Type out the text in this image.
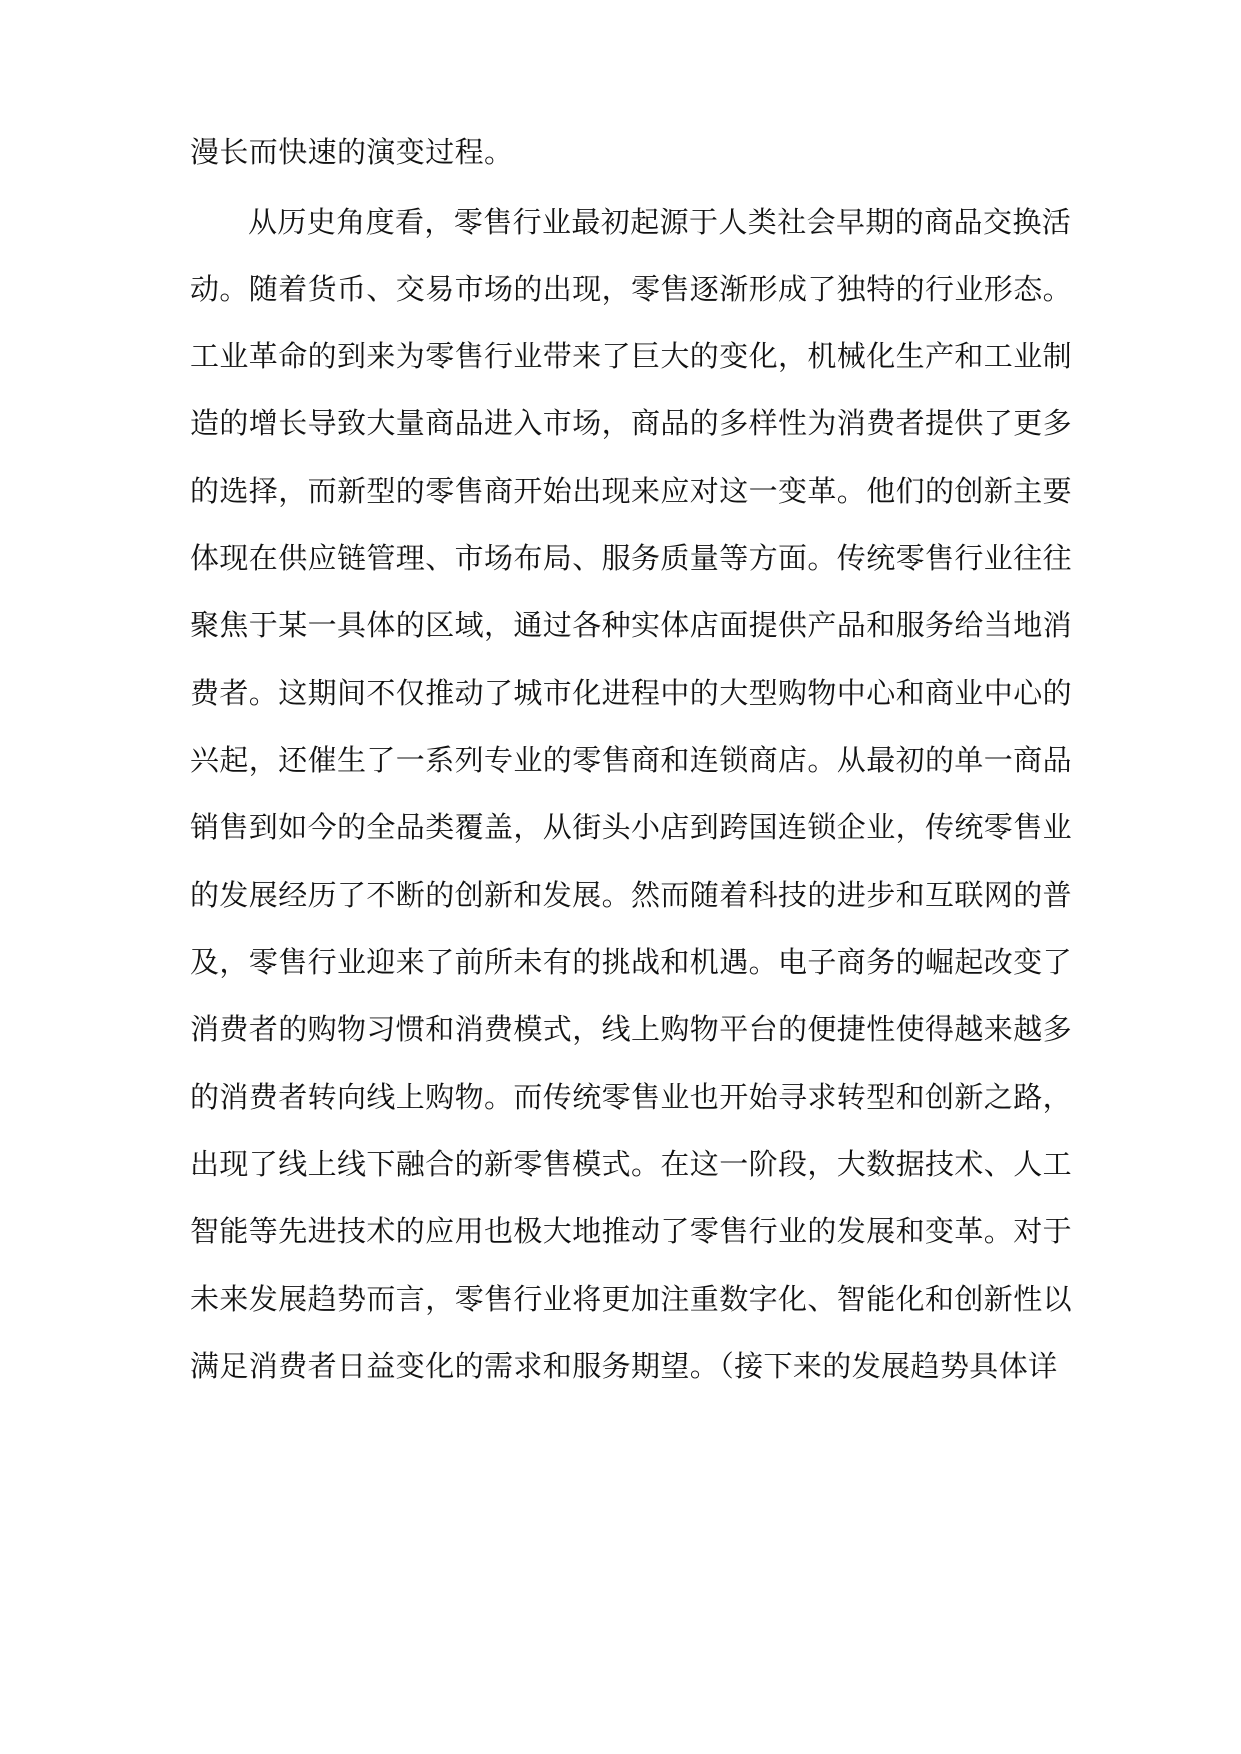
漫长而快速的演变过程。
从历史角度看，零售行业最初起源于人类社会早期的商品交换活
动。随着货币、交易市场的出现，零售逐渐形成了独特的行业形态。
工业革命的到来为零售行业带来了巨大的变化，机械化生产和工业制
造的增长导致大量商品进入市场，商品的多样性为消费者提供了更多
的选择，而新型的零售商开始出现来应对这一变革。他们的创新主要
体现在供应链管理、市场布局、服务质量等方面。传统零售行业往往
聚焦于某一具体的区域，通过各种实体店面提供产品和服务给当地消
费者。这期间不仅推动了城市化进程中的大型购物中心和商业中心的
兴起，还催生了一系列专业的零售商和连锁商店。从最初的单一商品
销售到如今的全品类覆盖，从街头小店到跨国连锁企业，传统零售业
的发展经历了不断的创新和发展。然而随着科技的进步和互联网的普
及，零售行业迎来了前所未有的挑战和机遇。电子商务的崛起改变了
消费者的购物习惯和消费模式，线上购物平台的便捷性使得越来越多
的消费者转向线上购物。而传统零售业也开始寻求转型和创新之路，
出现了线上线下融合的新零售模式。在这一阶段，大数据技术、人工
智能等先进技术的应用也极大地推动了零售行业的发展和变革。对于
未来发展趋势而言，零售行业将更加注重数字化、智能化和创新性以
满足消费者日益变化的需求和服务期望。（接下来的发展趋势具体详
